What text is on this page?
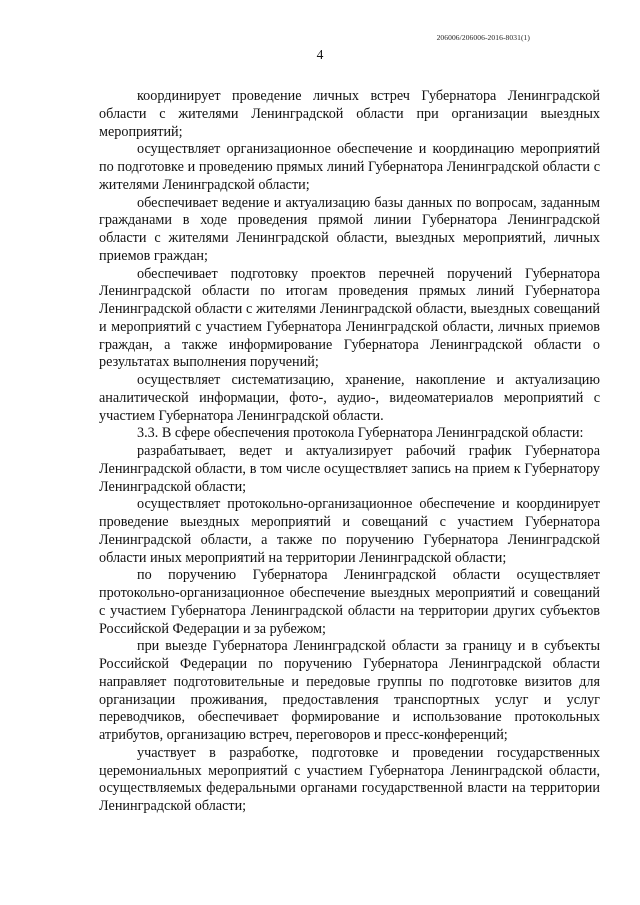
206006/206006-2016-8031(1)
4

координирует проведение личных встреч Губернатора Ленинградской области с жителями Ленинградской области при организации выездных мероприятий;

осуществляет организационное обеспечение и координацию мероприятий по подготовке и проведению прямых линий Губернатора Ленинградской области с жителями Ленинградской области;

обеспечивает ведение и актуализацию базы данных по вопросам, заданным гражданами в ходе проведения прямой линии Губернатора Ленинградской области с жителями Ленинградской области, выездных мероприятий, личных приемов граждан;

обеспечивает подготовку проектов перечней поручений Губернатора Ленинградской области по итогам проведения прямых линий Губернатора Ленинградской области с жителями Ленинградской области, выездных совещаний и мероприятий с участием Губернатора Ленинградской области, личных приемов граждан, а также информирование Губернатора Ленинградской области о результатах выполнения поручений;

осуществляет систематизацию, хранение, накопление и актуализацию аналитической информации, фото-, аудио-, видеоматериалов мероприятий с участием Губернатора Ленинградской области.

3.3. В сфере обеспечения протокола Губернатора Ленинградской области:

разрабатывает, ведет и актуализирует рабочий график Губернатора Ленинградской области, в том числе осуществляет запись на прием к Губернатору Ленинградской области;

осуществляет протокольно-организационное обеспечение и координирует проведение выездных мероприятий и совещаний с участием Губернатора Ленинградской области, а также по поручению Губернатора Ленинградской области иных мероприятий на территории Ленинградской области;

по поручению Губернатора Ленинградской области осуществляет протокольно-организационное обеспечение выездных мероприятий и совещаний с участием Губернатора Ленинградской области на территории других субъектов Российской Федерации и за рубежом;

при выезде Губернатора Ленинградской области за границу и в субъекты Российской Федерации по поручению Губернатора Ленинградской области направляет подготовительные и передовые группы по подготовке визитов для организации проживания, предоставления транспортных услуг и услуг переводчиков, обеспечивает формирование и использование протокольных атрибутов, организацию встреч, переговоров и пресс-конференций;

участвует в разработке, подготовке и проведении государственных церемониальных мероприятий с участием Губернатора Ленинградской области, осуществляемых федеральными органами государственной власти на территории Ленинградской области;
